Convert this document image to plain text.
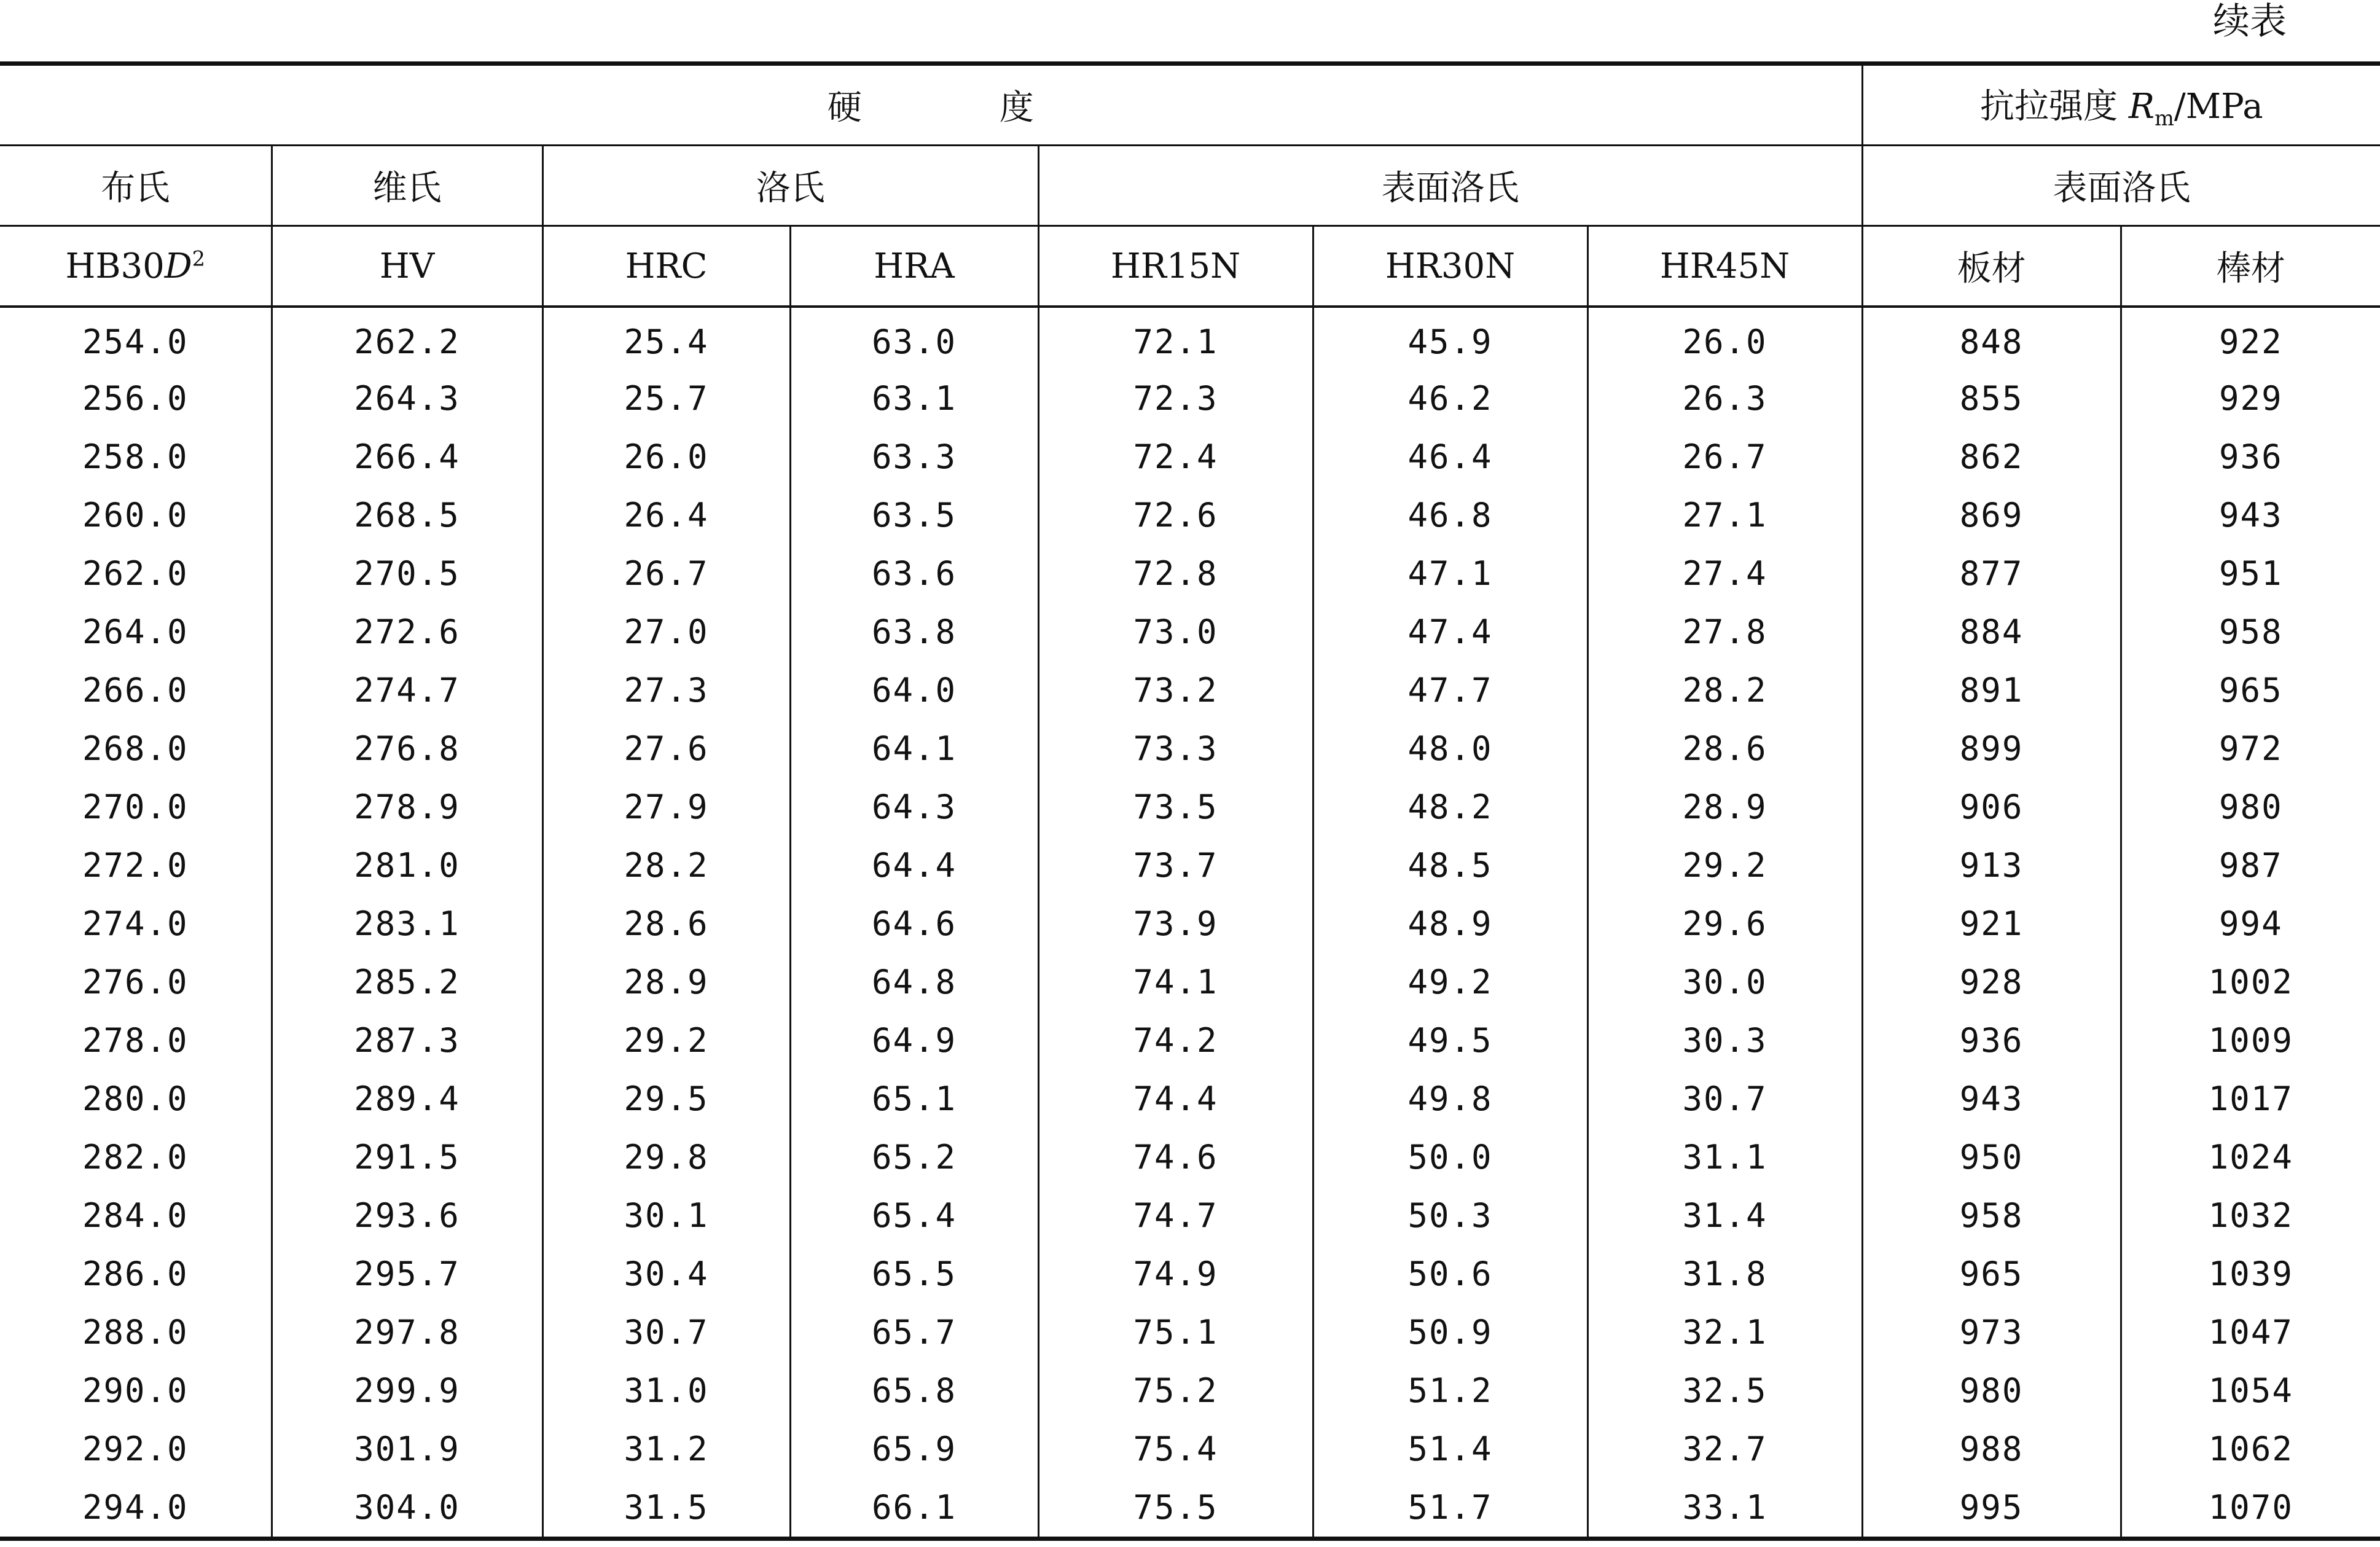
续表
硬　　　　度							抗拉强度 $R_m$/MPa	
布氏	维氏	洛氏		表面洛氏			表面洛氏	
$HB30D^2$	HV	HRC	HRA	HR15N	HR30N	HR45N	板材	棒材
254.0	262.2	25.4	63.0	72.1	45.9	26.0	848	922
256.0	264.3	25.7	63.1	72.3	46.2	26.3	855	929
258.0	266.4	26.0	63.3	72.4	46.4	26.7	862	936
260.0	268.5	26.4	63.5	72.6	46.8	27.1	869	943
262.0	270.5	26.7	63.6	72.8	47.1	27.4	877	951
264.0	272.6	27.0	63.8	73.0	47.4	27.8	884	958
266.0	274.7	27.3	64.0	73.2	47.7	28.2	891	965
268.0	276.8	27.6	64.1	73.3	48.0	28.6	899	972
270.0	278.9	27.9	64.3	73.5	48.2	28.9	906	980
272.0	281.0	28.2	64.4	73.7	48.5	29.2	913	987
274.0	283.1	28.6	64.6	73.9	48.9	29.6	921	994
276.0	285.2	28.9	64.8	74.1	49.2	30.0	928	1002
278.0	287.3	29.2	64.9	74.2	49.5	30.3	936	1009
280.0	289.4	29.5	65.1	74.4	49.8	30.7	943	1017
282.0	291.5	29.8	65.2	74.6	50.0	31.1	950	1024
284.0	293.6	30.1	65.4	74.7	50.3	31.4	958	1032
286.0	295.7	30.4	65.5	74.9	50.6	31.8	965	1039
288.0	297.8	30.7	65.7	75.1	50.9	32.1	973	1047
290.0	299.9	31.0	65.8	75.2	51.2	32.5	980	1054
292.0	301.9	31.2	65.9	75.4	51.4	32.7	988	1062
294.0	304.0	31.5	66.1	75.5	51.7	33.1	995	1070
